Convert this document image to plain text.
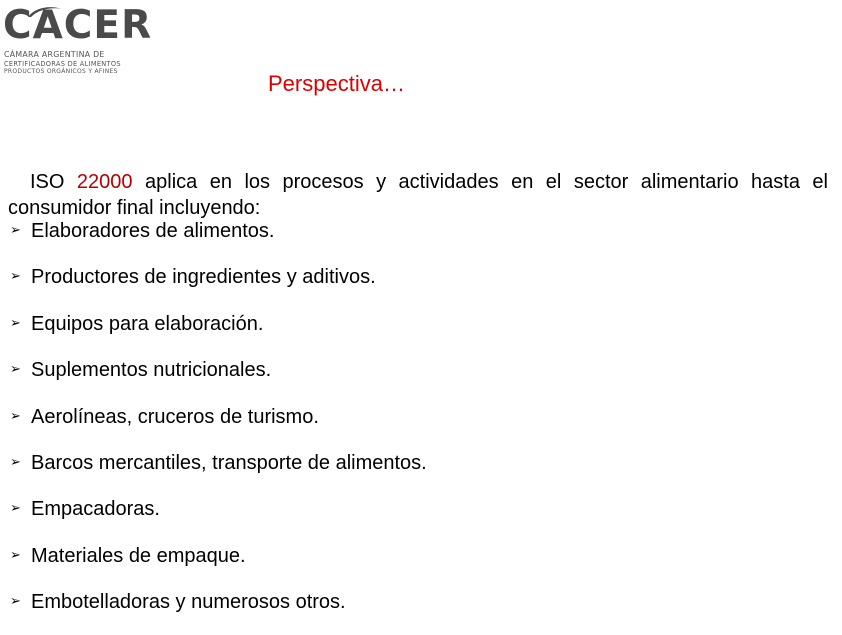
CACER
CÁMARA ARGENTINA DE
CERTIFICADORAS DE ALIMENTOS
PRODUCTOS ORGÁNICOS Y AFINES	Perspectiva…

ISO 22000 aplica en los procesos y actividades en el sector alimentario hasta el consumidor final incluyendo:

➢ Elaboradores de alimentos.
➢ Productores de ingredientes y aditivos.
➢ Equipos para elaboración.
➢ Suplementos nutricionales.
➢ Aerolíneas, cruceros de turismo.
➢ Barcos mercantiles, transporte de alimentos.
➢ Empacadoras.
➢ Materiales de empaque.
➢ Embotelladoras y numerosos otros.
